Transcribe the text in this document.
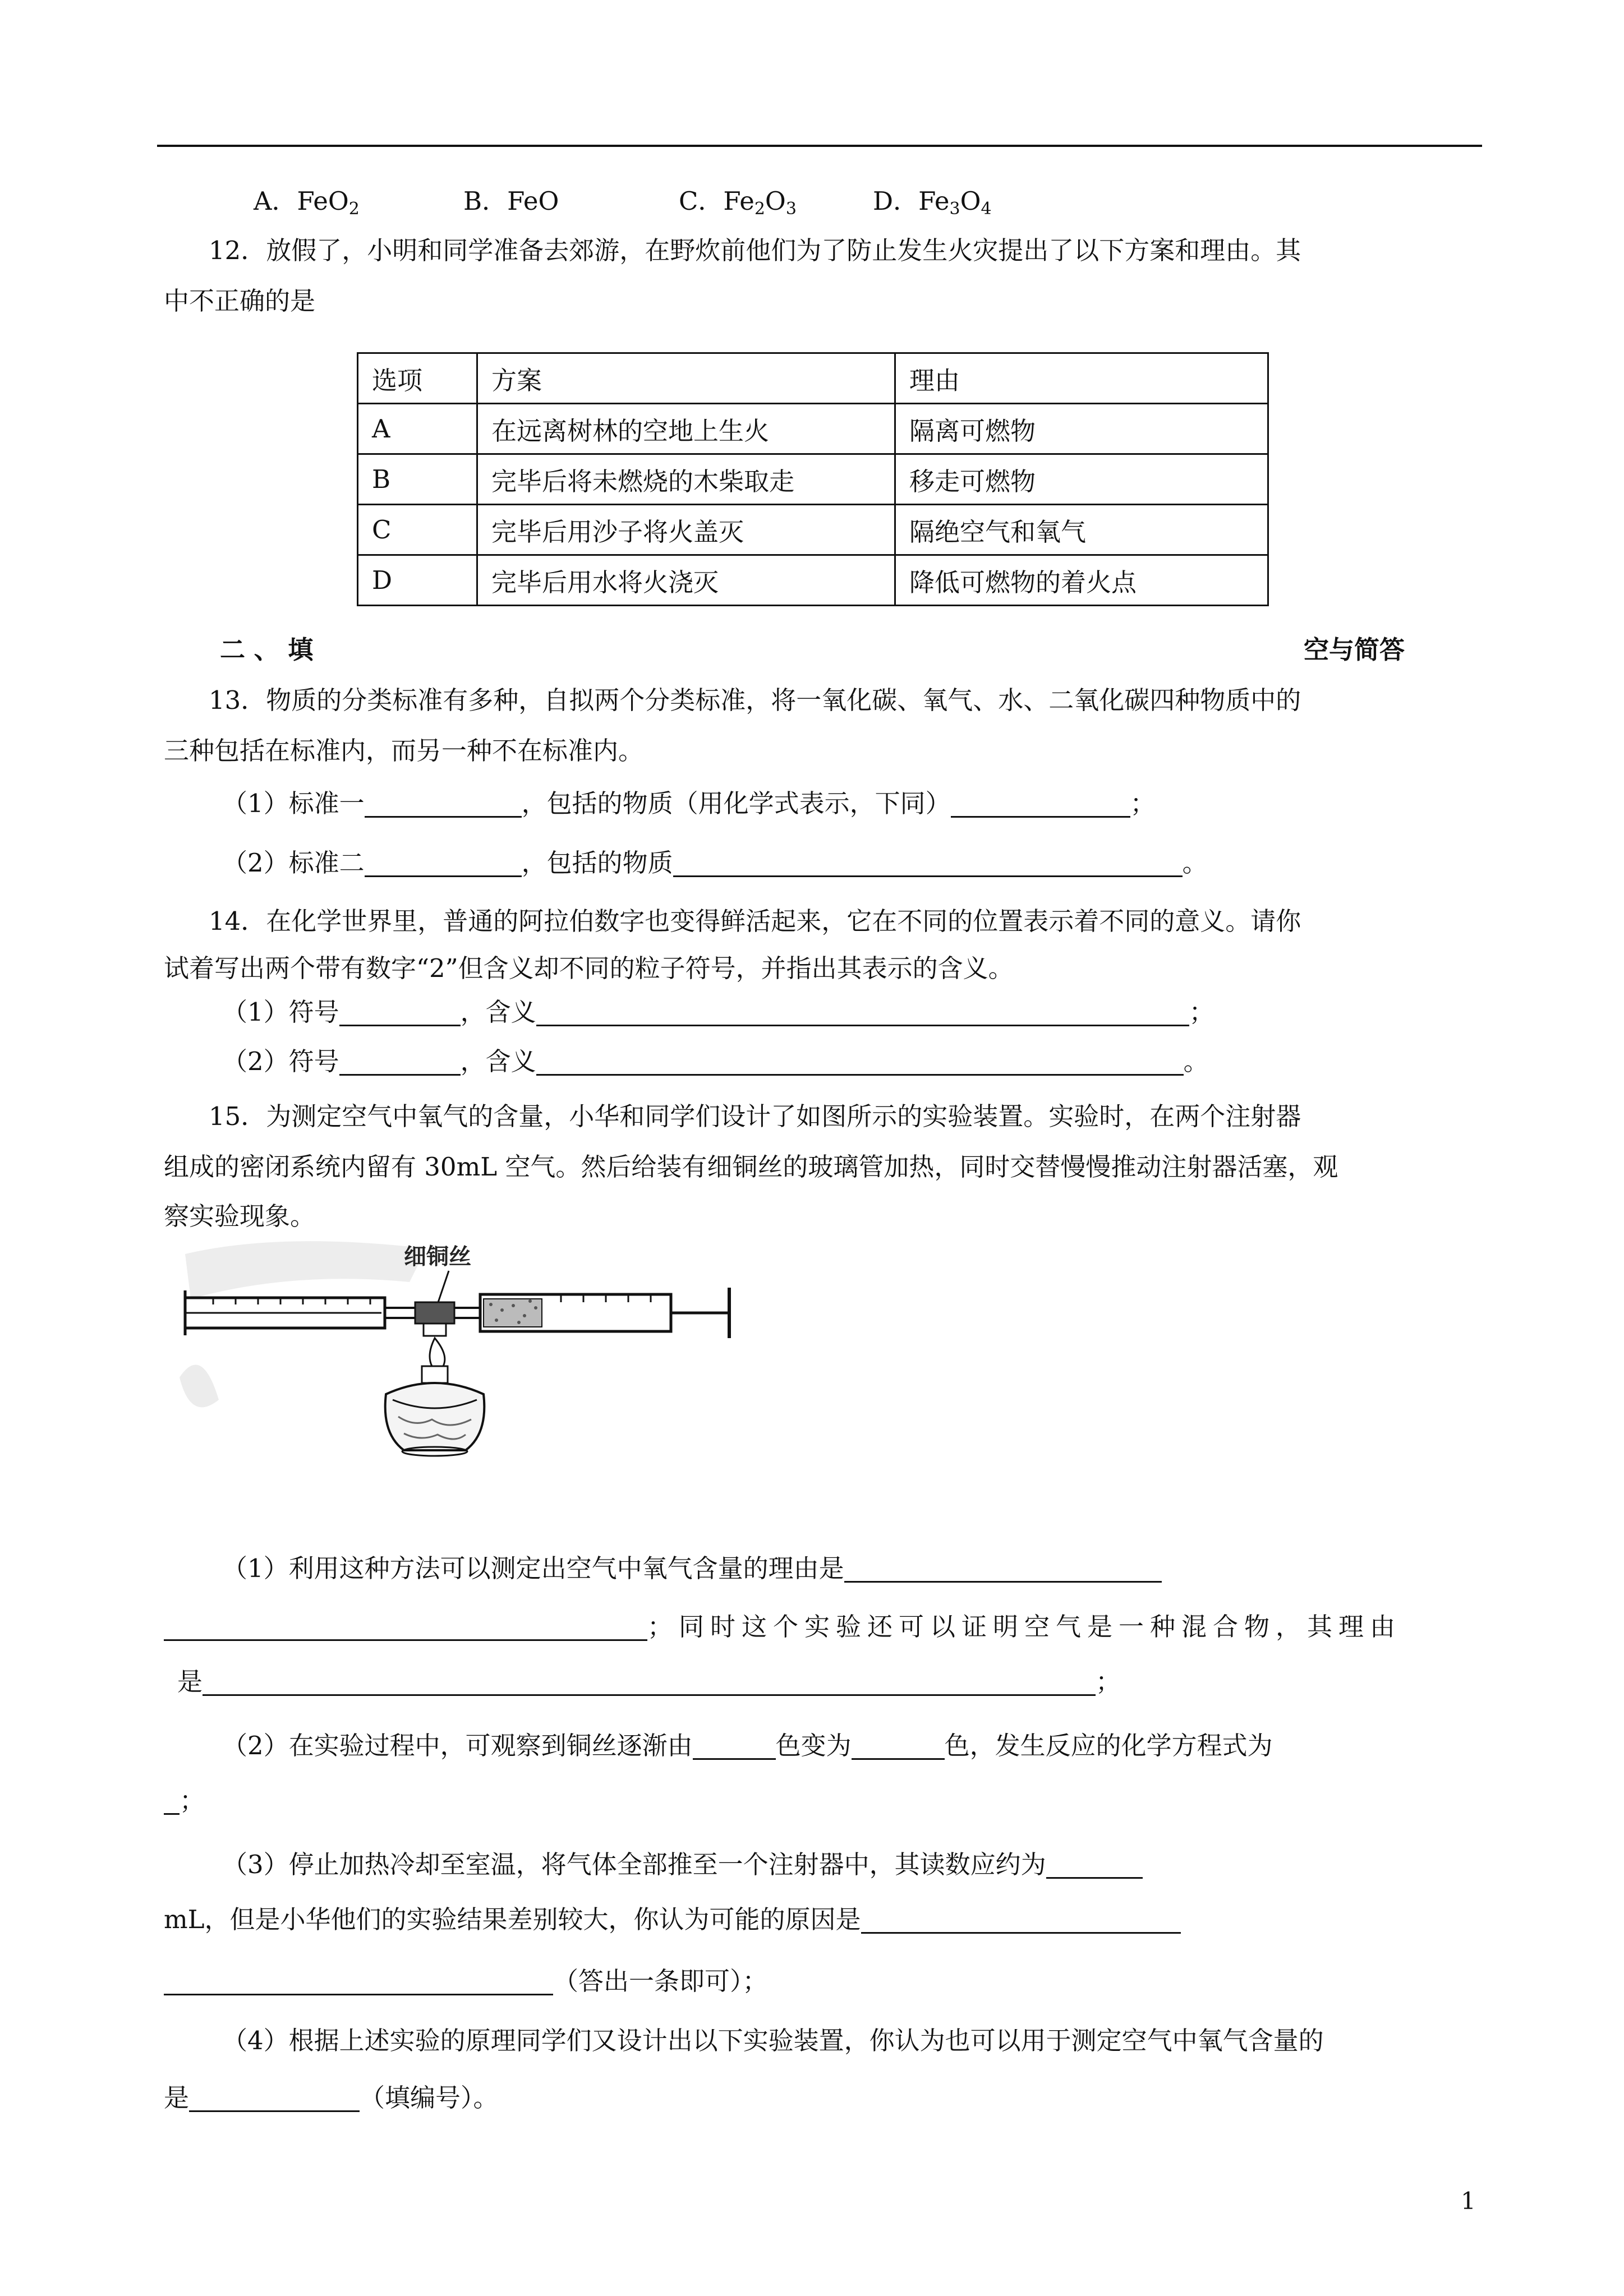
A．FeO$_2$	B．FeO	C．$Fe_2O_3$	D．$Fe_3O_4$
12．放假了，小明和同学准备去郊游，在野炊前他们为了防止发生火灾提出了以下方案和理由。其
中不正确的是
选项	方案	理由
A	在远离树林的空地上生火	隔离可燃物
B	完毕后将未燃烧的木柴取走	移走可燃物
C	完毕后用沙子将火盖灭	隔绝空气和氧气
D	完毕后用水将火浇灭	降低可燃物的着火点
二 、 填	空与简答
13．物质的分类标准有多种，自拟两个分类标准，将一氧化碳、氧气、水、二氧化碳四种物质中的
三种包括在标准内，而另一种不在标准内。
（1）标准一	，包括的物质（用化学式表示，下同）	；
（2）标准二	，包括的物质	。
14．在化学世界里，普通的阿拉伯数字也变得鲜活起来，它在不同的位置表示着不同的意义。请你
试着写出两个带有数字“2”但含义却不同的粒子符号，并指出其表示的含义。
（1）符号	，含义	；
（2）符号	，含义	。
15．为测定空气中氧气的含量，小华和同学们设计了如图所示的实验装置。实验时，在两个注射器
组成的密闭系统内留有 30mL 空气。然后给装有细铜丝的玻璃管加热，同时交替慢慢推动注射器活塞，观
察实验现象。
细铜丝
（1）利用这种方法可以测定出空气中氧气含量的理由是
；同时这个实验还可以证明空气是一种混合物，其理由
是	；
（2）在实验过程中，可观察到铜丝逐渐由	色变为	色，发生反应的化学方程式为
；
（3）停止加热冷却至室温，将气体全部推至一个注射器中，其读数应约为
mL，但是小华他们的实验结果差别较大，你认为可能的原因是
（答出一条即可）；
（4）根据上述实验的原理同学们又设计出以下实验装置，你认为也可以用于测定空气中氧气含量的
是	（填编号）。
1
